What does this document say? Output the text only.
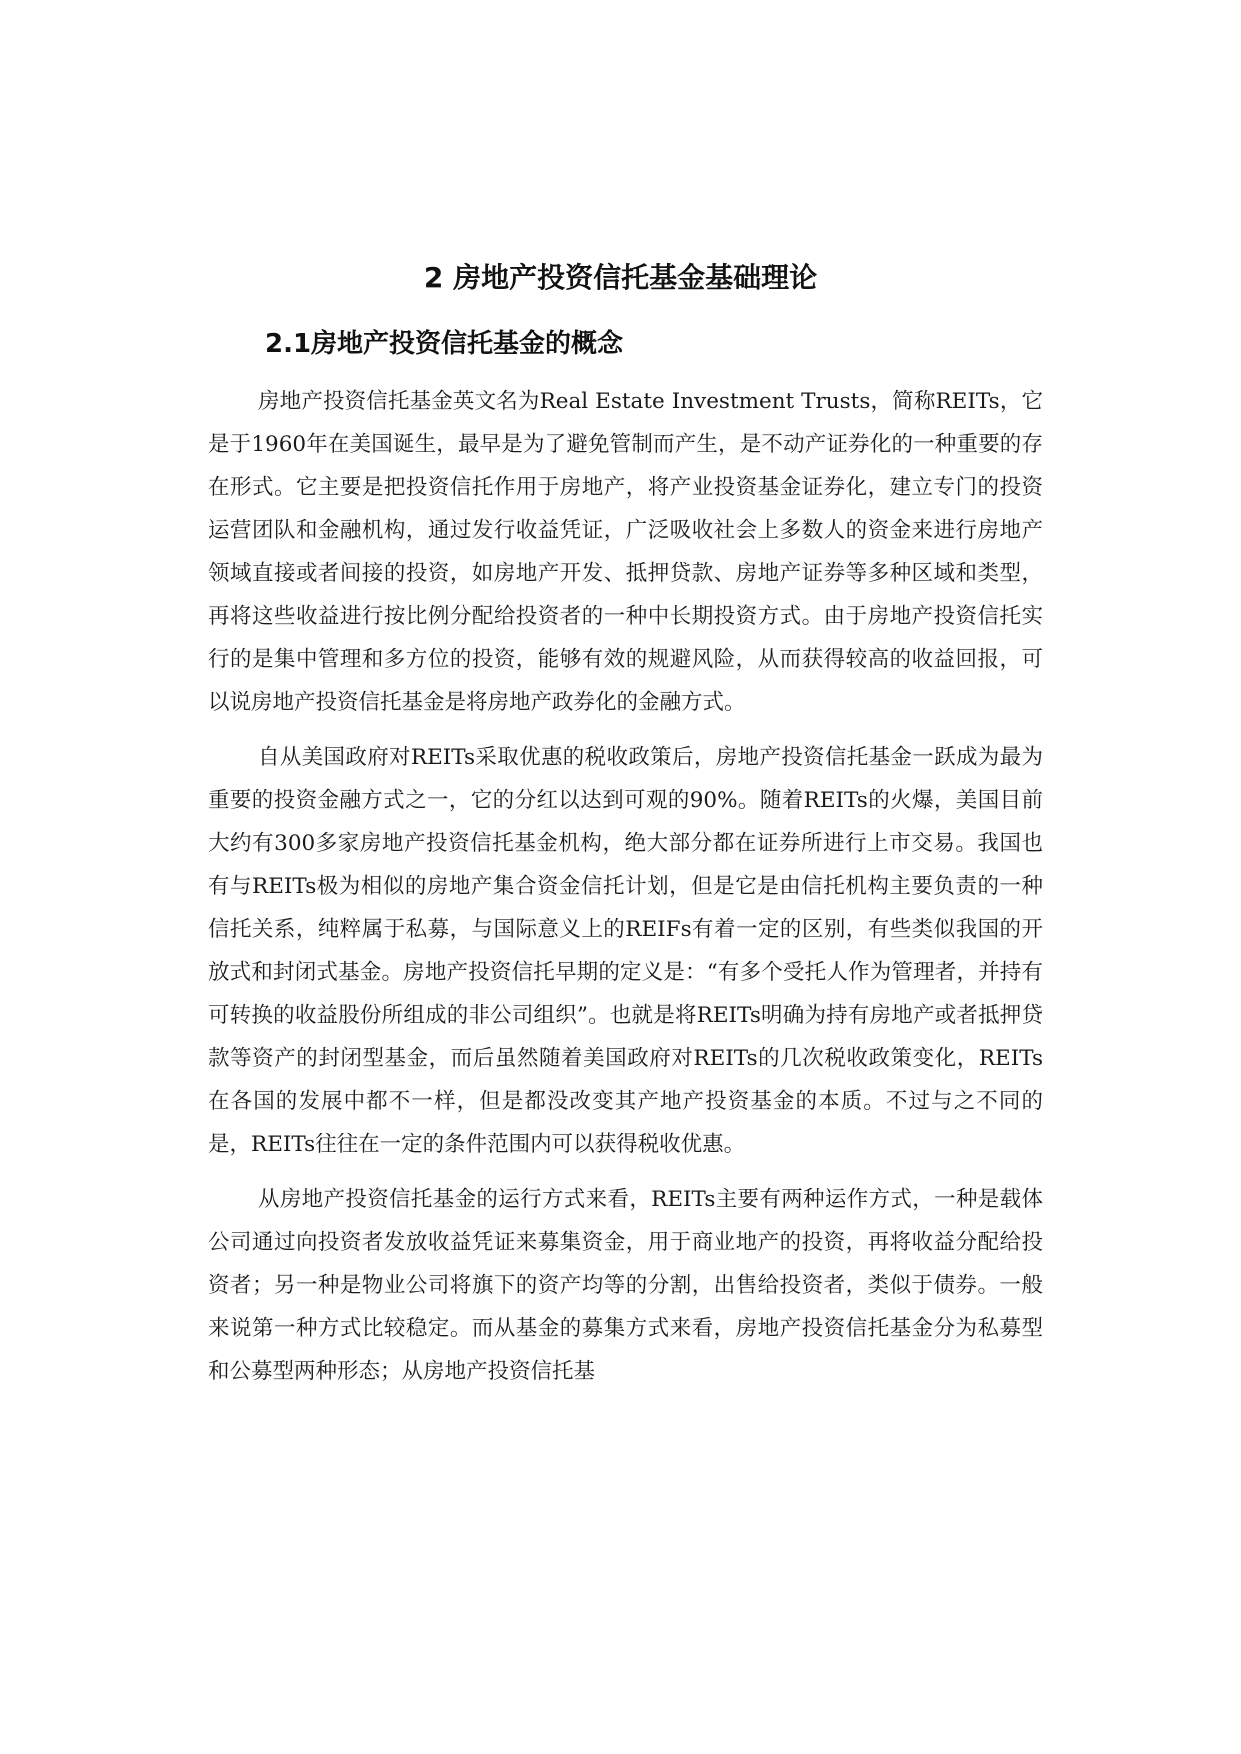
2 房地产投资信托基金基础理论
2.1房地产投资信托基金的概念

房地产投资信托基金英文名为Real Estate Investment Trusts，简称REITs，它是于1960年在美国诞生，最早是为了避免管制而产生，是不动产证券化的一种重要的存在形式。它主要是把投资信托作用于房地产，将产业投资基金证券化，建立专门的投资运营团队和金融机构，通过发行收益凭证，广泛吸收社会上多数人的资金来进行房地产领域直接或者间接的投资，如房地产开发、抵押贷款、房地产证券等多种区域和类型，再将这些收益进行按比例分配给投资者的一种中长期投资方式。由于房地产投资信托实行的是集中管理和多方位的投资，能够有效的规避风险，从而获得较高的收益回报，可以说房地产投资信托基金是将房地产政券化的金融方式。

自从美国政府对REITs采取优惠的税收政策后，房地产投资信托基金一跃成为最为重要的投资金融方式之一，它的分红以达到可观的90%。随着REITs的火爆，美国目前大约有300多家房地产投资信托基金机构，绝大部分都在证券所进行上市交易。我国也有与REITs极为相似的房地产集合资金信托计划，但是它是由信托机构主要负责的一种信托关系，纯粹属于私募，与国际意义上的REIFs有着一定的区别，有些类似我国的开放式和封闭式基金。房地产投资信托早期的定义是：“有多个受托人作为管理者，并持有可转换的收益股份所组成的非公司组织”。也就是将REITs明确为持有房地产或者抵押贷款等资产的封闭型基金，而后虽然随着美国政府对REITs的几次税收政策变化，REITs在各国的发展中都不一样，但是都没改变其产地产投资基金的本质。不过与之不同的是，REITs往往在一定的条件范围内可以获得税收优惠。

从房地产投资信托基金的运行方式来看，REITs主要有两种运作方式，一种是载体公司通过向投资者发放收益凭证来募集资金，用于商业地产的投资，再将收益分配给投资者；另一种是物业公司将旗下的资产均等的分割，出售给投资者，类似于债券。一般来说第一种方式比较稳定。而从基金的募集方式来看，房地产投资信托基金分为私募型和公募型两种形态；从房地产投资信托基
